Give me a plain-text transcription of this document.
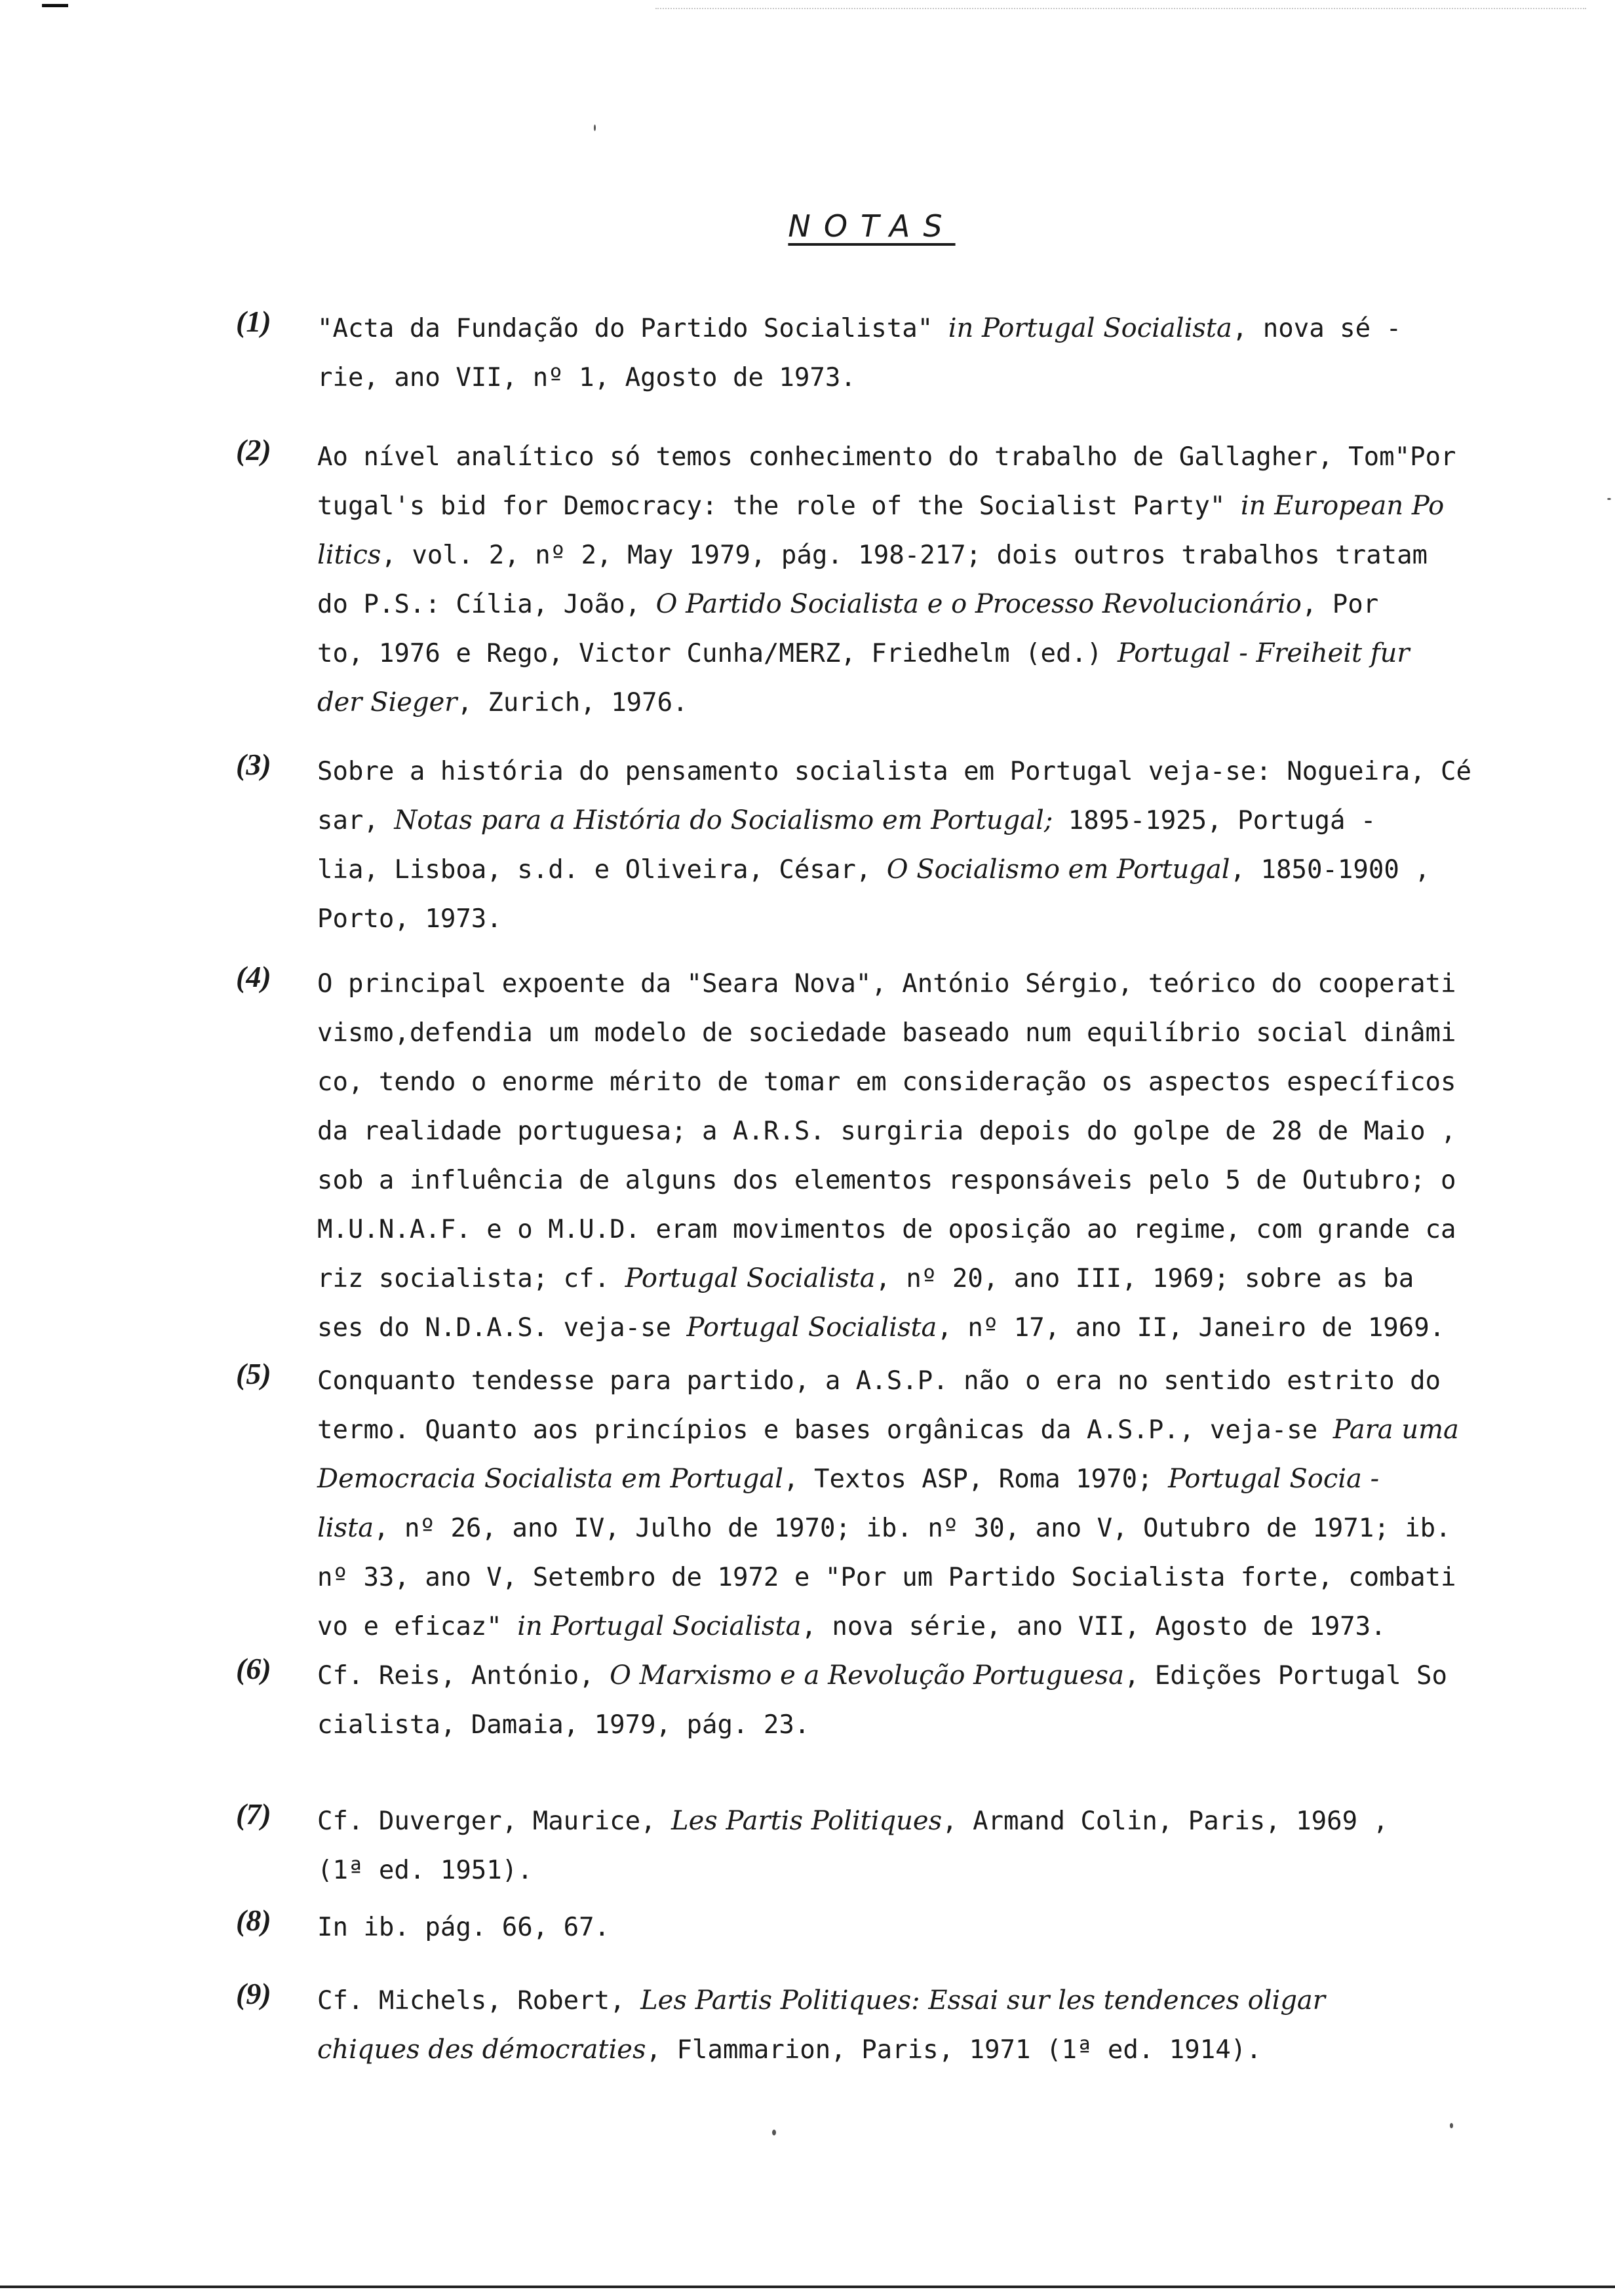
NOTAS
(1) "Acta da Fundação do Partido Socialista" in Portugal Socialista, nova sé -
rie, ano VII, nº 1, Agosto de 1973.
(2) Ao nível analítico só temos conhecimento do trabalho de Gallagher, Tom"Por
tugal's bid for Democracy: the role of the Socialist Party" in European Po
litics, vol. 2, nº 2, May 1979, pág. 198-217; dois outros trabalhos tratam
do P.S.: Cília, João, O Partido Socialista e o Processo Revolucionário, Por
to, 1976 e Rego, Victor Cunha/MERZ, Friedhelm (ed.) Portugal - Freiheit fur
der Sieger, Zurich, 1976.
(3) Sobre a história do pensamento socialista em Portugal veja-se: Nogueira, Cé
sar, Notas para a História do Socialismo em Portugal; 1895-1925, Portugá -
lia, Lisboa, s.d. e Oliveira, César, O Socialismo em Portugal, 1850-1900 ,
Porto, 1973.
(4) O principal expoente da "Seara Nova", António Sérgio, teórico do cooperati
vismo,defendia um modelo de sociedade baseado num equilíbrio social dinâmi
co, tendo o enorme mérito de tomar em consideração os aspectos específicos
da realidade portuguesa; a A.R.S. surgiria depois do golpe de 28 de Maio ,
sob a influência de alguns dos elementos responsáveis pelo 5 de Outubro; o
M.U.N.A.F. e o M.U.D. eram movimentos de oposição ao regime, com grande ca
riz socialista; cf. Portugal Socialista, nº 20, ano III, 1969; sobre as ba
ses do N.D.A.S. veja-se Portugal Socialista, nº 17, ano II, Janeiro de 1969.
(5) Conquanto tendesse para partido, a A.S.P. não o era no sentido estrito do
termo. Quanto aos princípios e bases orgânicas da A.S.P., veja-se Para uma
Democracia Socialista em Portugal, Textos ASP, Roma 1970; Portugal Socia -
lista, nº 26, ano IV, Julho de 1970; ib. nº 30, ano V, Outubro de 1971; ib.
nº 33, ano V, Setembro de 1972 e "Por um Partido Socialista forte, combati
vo e eficaz" in Portugal Socialista, nova série, ano VII, Agosto de 1973.
(6) Cf. Reis, António, O Marxismo e a Revolução Portuguesa, Edições Portugal So
cialista, Damaia, 1979, pág. 23.
(7) Cf. Duverger, Maurice, Les Partis Politiques, Armand Colin, Paris, 1969 ,
(1ª ed. 1951).
(8) In ib. pág. 66, 67.
(9) Cf. Michels, Robert, Les Partis Politiques: Essai sur les tendences oligar
chiques des démocraties, Flammarion, Paris, 1971 (1ª ed. 1914).
